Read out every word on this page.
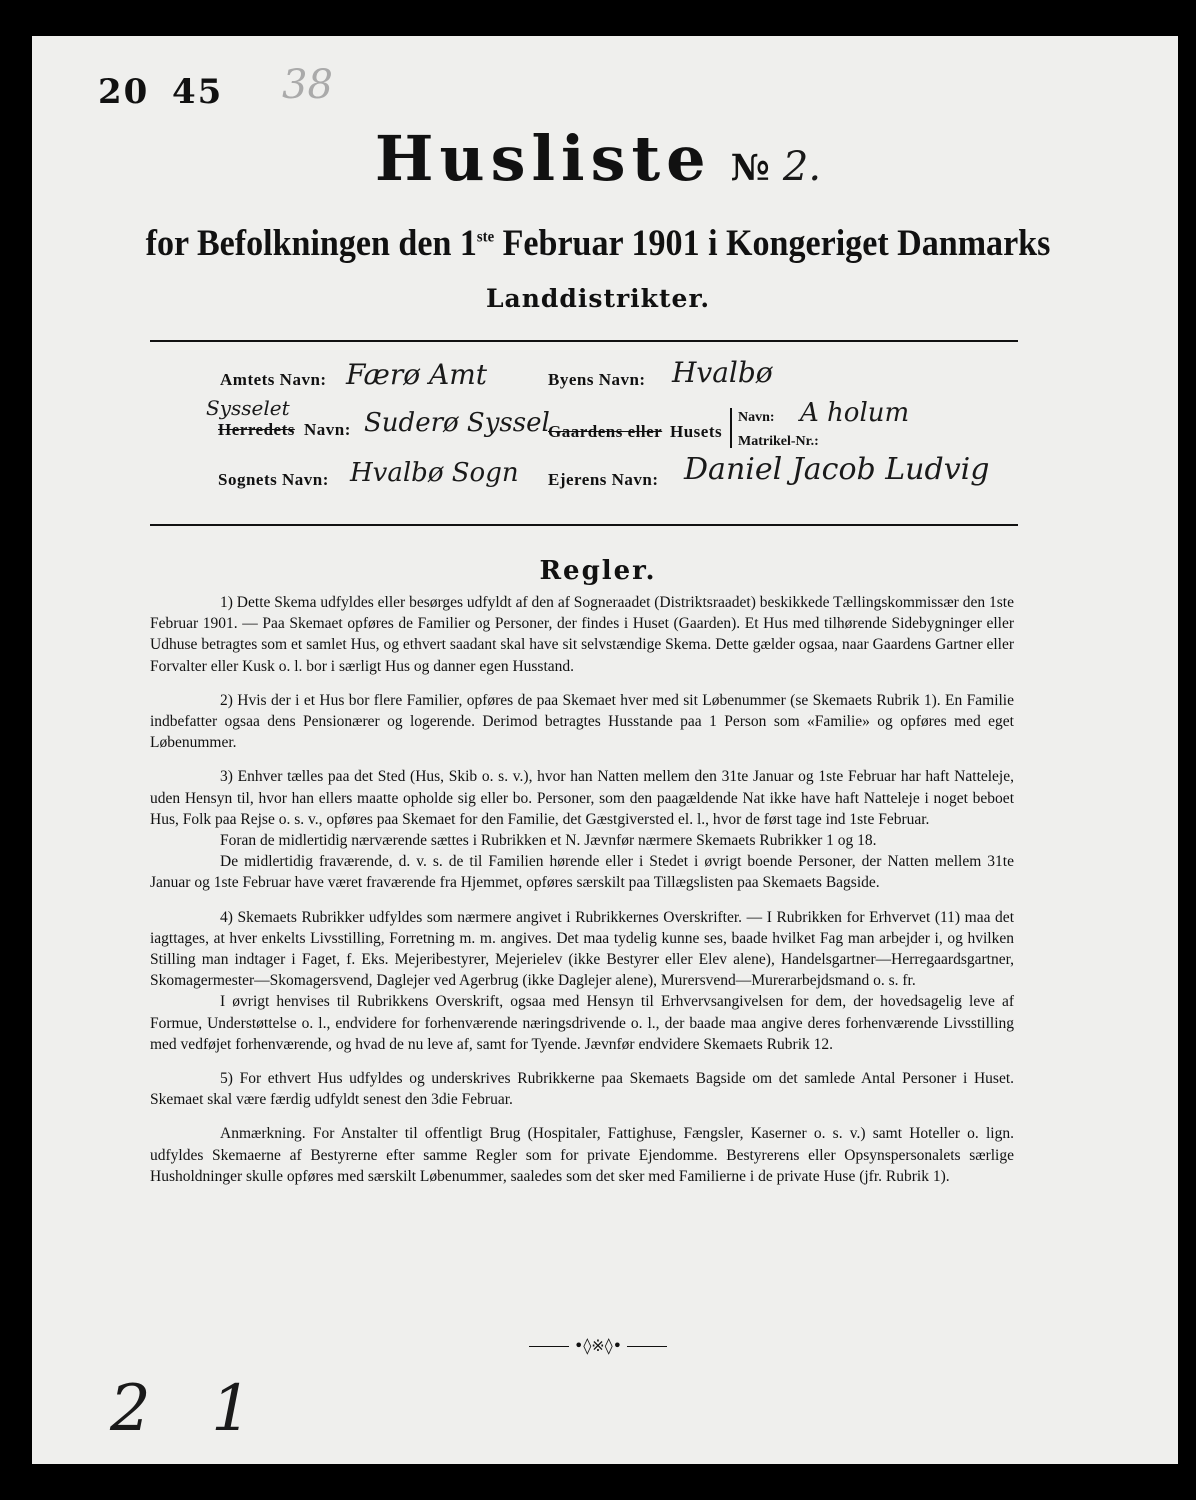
20 45 38
Husliste № 2.
for Befolkningen den 1ste Februar 1901 i Kongeriget Danmarks
Landdistrikter.
Amtets Navn: Færø Amt
Sysselet
Herredets Navn: Suderø Syssel
Sognets Navn: Hvalbø Sogn
Byens Navn: Hvalbø
Gaardens eller Husets
Navn: A holum
Matrikel-Nr.:
Ejerens Navn: Daniel Jacob Ludvig
Regler.

1) Dette Skema udfyldes eller besørges udfyldt af den af Sogneraadet (Distriktsraadet) beskikkede Tællingskommissær den 1ste Februar 1901. — Paa Skemaet opføres de Familier og Personer, der findes i Huset (Gaarden). Et Hus med tilhørende Sidebygninger eller Udhuse betragtes som et samlet Hus, og ethvert saadant skal have sit selvstændige Skema. Dette gælder ogsaa, naar Gaardens Gartner eller Forvalter eller Kusk o. l. bor i særligt Hus og danner egen Husstand.

2) Hvis der i et Hus bor flere Familier, opføres de paa Skemaet hver med sit Løbenummer (se Skemaets Rubrik 1). En Familie indbefatter ogsaa dens Pensionærer og logerende. Derimod betragtes Husstande paa 1 Person som «Familie» og opføres med eget Løbenummer.

3) Enhver tælles paa det Sted (Hus, Skib o. s. v.), hvor han Natten mellem den 31te Januar og 1ste Februar har haft Natteleje, uden Hensyn til, hvor han ellers maatte opholde sig eller bo. Personer, som den paagældende Nat ikke have haft Natteleje i noget beboet Hus, Folk paa Rejse o. s. v., opføres paa Skemaet for den Familie, det Gæstgiversted el. l., hvor de først tage ind 1ste Februar.

Foran de midlertidig nærværende sættes i Rubrikken et N. Jævnfør nærmere Skemaets Rubrikker 1 og 18.

De midlertidig fraværende, d. v. s. de til Familien hørende eller i Stedet i øvrigt boende Personer, der Natten mellem 31te Januar og 1ste Februar have været fraværende fra Hjemmet, opføres særskilt paa Tillægslisten paa Skemaets Bagside.

4) Skemaets Rubrikker udfyldes som nærmere angivet i Rubrikkernes Overskrifter. — I Rubrikken for Erhvervet (11) maa det iagttages, at hver enkelts Livsstilling, Forretning m. m. angives. Det maa tydelig kunne ses, baade hvilket Fag man arbejder i, og hvilken Stilling man indtager i Faget, f. Eks. Mejeribestyrer, Mejerielev (ikke Bestyrer eller Elev alene), Handelsgartner—Herregaardsgartner, Skomagermester—Skomagersvend, Daglejer ved Agerbrug (ikke Daglejer alene), Murersvend—Murerarbejdsmand o. s. fr.

I øvrigt henvises til Rubrikkens Overskrift, ogsaa med Hensyn til Erhvervsangivelsen for dem, der hovedsagelig leve af Formue, Understøttelse o. l., endvidere for forhenværende næringsdrivende o. l., der baade maa angive deres forhenværende Livsstilling med vedføjet forhenværende, og hvad de nu leve af, samt for Tyende. Jævnfør endvidere Skemaets Rubrik 12.

5) For ethvert Hus udfyldes og underskrives Rubrikkerne paa Skemaets Bagside om det samlede Antal Personer i Huset. Skemaet skal være færdig udfyldt senest den 3die Februar.

Anmærkning. For Anstalter til offentligt Brug (Hospitaler, Fattighuse, Fængsler, Kaserner o. s. v.) samt Hoteller o. lign. udfyldes Skemaerne af Bestyrerne efter samme Regler som for private Ejendomme. Bestyrerens eller Opsynspersonalets særlige Husholdninger skulle opføres med særskilt Løbenummer, saaledes som det sker med Familierne i de private Huse (jfr. Rubrik 1).

•◊※◊•
2 1
